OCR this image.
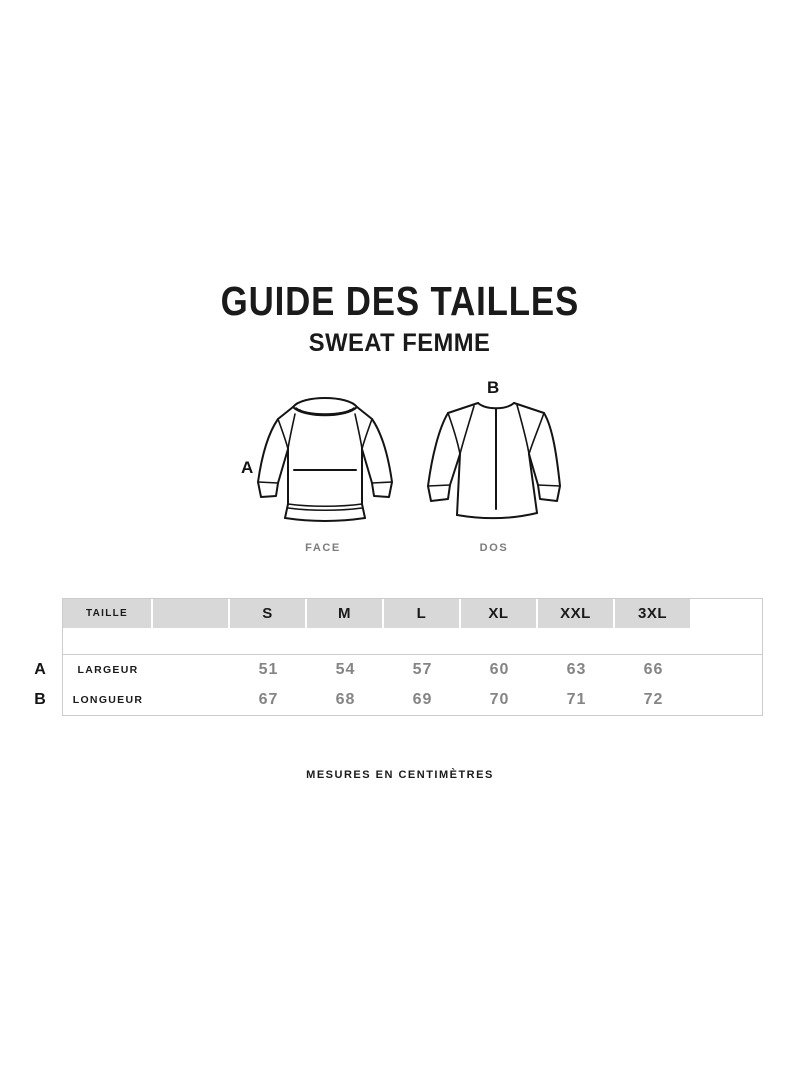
GUIDE DES TAILLES
SWEAT FEMME
A
B
FACE	DOS
TAILLE	S	M	L	XL	XXL	3XL
LARGEUR	51	54	57	60	63	66
LONGUEUR	67	68	69	70	71	72
A
B
MESURES EN CENTIMÈTRES
